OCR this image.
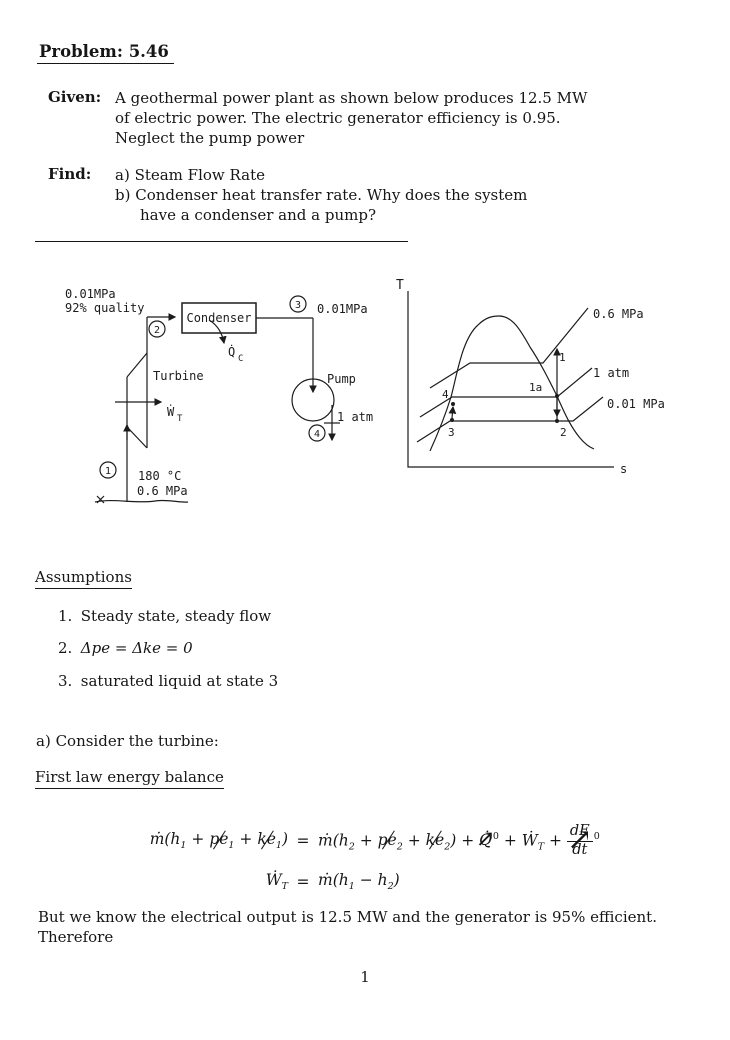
Problem: 5.46
Given: A geothermal power plant as shown below produces 12.5 MW
of electric power. The electric generator efficiency is 0.95.
Neglect the pump power
Find: a) Steam Flow Rate
b) Condenser heat transfer rate. Why does the system
have a condenser and a pump?
0.01MPa
92% quality
Turbine
Ẇ T
2
Condenser
Q̇ C
3 0.01MPa
Pump
1 atm
4
1 180 °C
0.6 MPa
T
s
0.6 MPa
1 atm
0.01 MPa
1
1a
2
3
4
Assumptions
1. Steady state, steady flow
2. Δpe = Δke = 0
3. saturated liquid at state 3
a) Consider the turbine:
First law energy balance
$ṁ(h_1 + pe_1 + ke_1)$ = $ṁ(h_2 + pe_2 + ke_2)$ + Q̇ ↗$^0$ + Ẇ$_T$ + $\frac{dE}{dt}$
↗ $^0$
Ẇ$_T$ = $ṁ(h_1 - h_2)$
But we know the electrical output is 12.5 MW and the generator is 95% efficient.
Therefore
1
